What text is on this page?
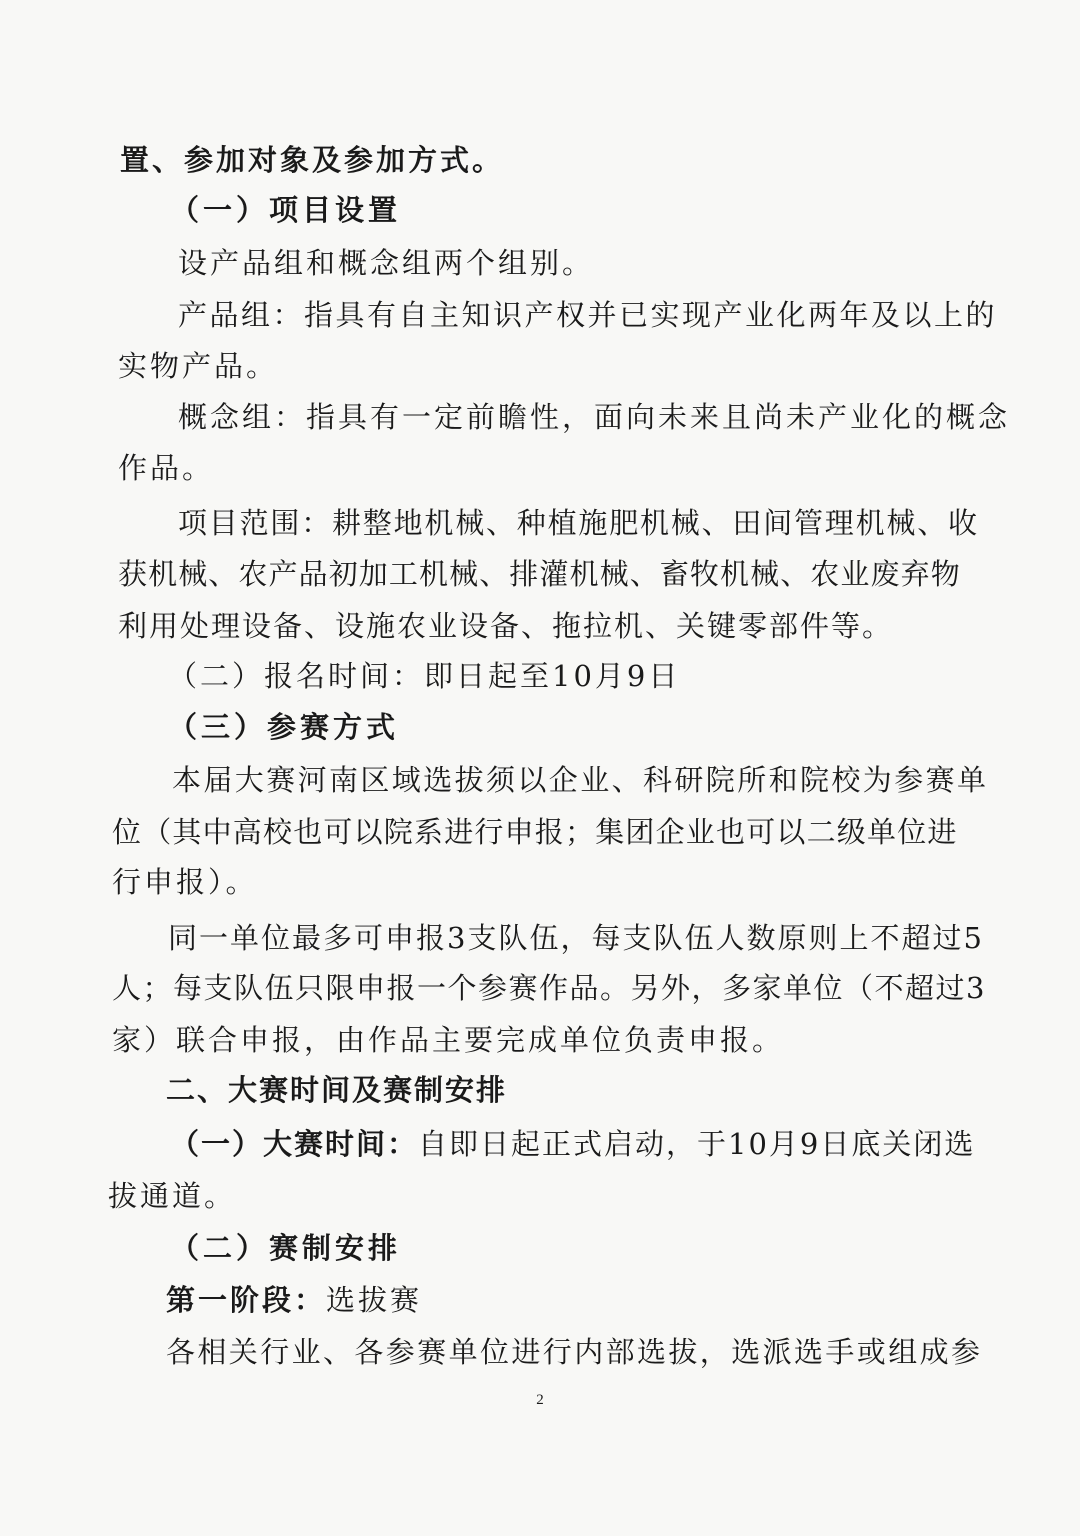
置、参加对象及参加方式。

（一）项目设置

设产品组和概念组两个组别。

产品组：指具有自主知识产权并已实现产业化两年及以上的

实物产品。

概念组：指具有一定前瞻性，面向未来且尚未产业化的概念

作品。

项目范围：耕整地机械、种植施肥机械、田间管理机械、收

获机械、农产品初加工机械、排灌机械、畜牧机械、农业废弃物

利用处理设备、设施农业设备、拖拉机、关键零部件等。

（二）报名时间：即日起至10月9日

（三）参赛方式

本届大赛河南区域选拔须以企业、科研院所和院校为参赛单

位（其中高校也可以院系进行申报；集团企业也可以二级单位进

行申报）。

同一单位最多可申报3支队伍，每支队伍人数原则上不超过5

人；每支队伍只限申报一个参赛作品。另外，多家单位（不超过3

家）联合申报，由作品主要完成单位负责申报。

二、大赛时间及赛制安排

（一）大赛时间：自即日起正式启动，于10月9日底关闭选

拔通道。

（二）赛制安排

第一阶段：选拔赛

各相关行业、各参赛单位进行内部选拔，选派选手或组成参

2
